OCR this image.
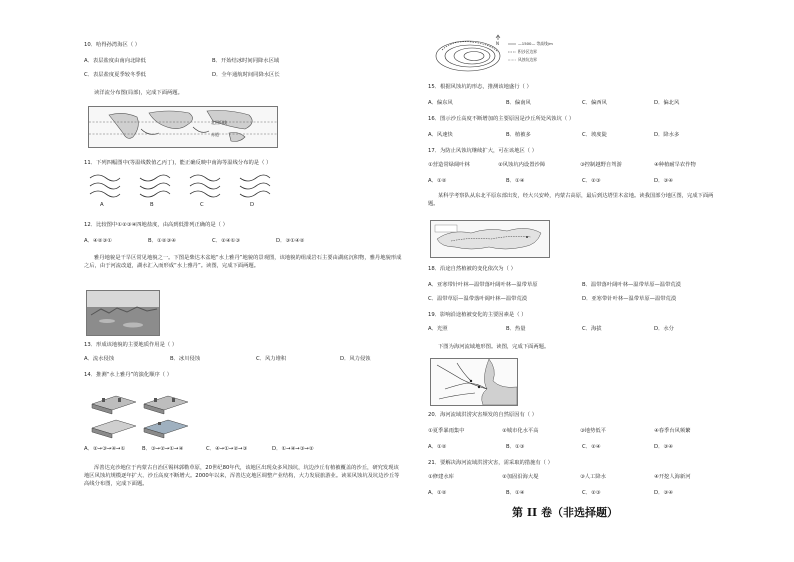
10．哈得孙湾海区（ ）
A．表层盐度由南向北降低	B．开始结冰时间同降水区域
C．表层盐度夏季较冬季低	D．全年通航时间同降水区长
读洋流分布图(局部)，完成下面两题。
北回归线
赤道
11．下列四幅图中(等温线数值乙丙丁)，能正确反映中南海等温线分布的是（ ）
A	B	C	D
12．比较图中①②③④四地盐度，由高到低排列正确的是（ ）
A．④②③①	B．①②③④	C．②④①③	D．③①④②
雅丹地貌是干旱区常见地貌之一。下图是柴达木盆地“水上雅丹”地貌的景观图，该地貌的组成岩石主要由湖底沉积物，雅丹地貌形成之后，由于河流改道，湖水汇入而形成“水上雅丹”。读图，完成下面两题。
13．形成该地貌的主要地质作用是（ ）
A．流水侵蚀	B．冰川侵蚀	C．风力堆积	D．风力侵蚀
14．推测“水上雅丹”的演化顺序（ ）
A．②→③→④→①	B．③→②→①→④	C．④→①→②→③	D．①→④→③→②
浑善达克沙地位于内蒙古自治区锡林郭勒草原，20世纪80年代，该地区出现众多风蚀坑，坑边沙丘有植被覆盖的沙丘，研究发现该地区风蚀坑规模逐年扩大、沙丘高度不断增大。2000年以来，浑善达克地区调整产业结构，大力发展旅游业。读某风蚀坑及坑边沙丘等高线分布图，完成下面题。
N	—1500— 等高线/m
积沙区边界
风蚀坑边界
15．根据风蚀坑的形态，推测该地盛行（ ）
A．偏东风	B．偏南风	C．偏西风	D．偏北风
16．图示沙丘高度不断增加的主要原因是沙丘所处风蚀坑（ ）
A．风速快	B．植被多	C．坡度陡	D．降水多
17．为防止风蚀坑继续扩大，可在该地区（ ）
①营造常绿阔叶林	②风蚀坑内设置沙障	③控制越野自驾游	④种植耐旱农作物
A．①②	B．①④	C．②③	D．③④
某科学考察队从东北平原东部出发，经大兴安岭，内蒙古高原，最后到达塔里木盆地。读我国部分地区图，完成下面两题。
18．沿途自然植被的变化依次为（ ）
A．亚寒带针叶林—温带落叶阔叶林—温带草原	B．温带落叶阔叶林—温带草原—温带荒漠
C．温带草原—温带落叶阔叶林—温带荒漠	D．亚寒带针叶林—温带草原—温带荒漠
19．影响沿途植被变化的主要因素是（ ）
A．光照	B．热量	C．海拔	D．水分
下图为海河流域地形图。读图，完成下面两题。
20．海河流域洪涝灾害频发的自然原因有（ ）
①夏季暴雨集中	②城市化水平高	③地势低平	④春季台风频繁
A．①②	B．①③	C．②④	D．③④
21．要解决海河流域洪涝灾害，需采取的措施有（ ）
①修建水库	②加固沿海大堤	③人工降水	④开挖人海新河
A．①②	B．①④	C．②③	D．③④
第 II 卷（非选择题）
